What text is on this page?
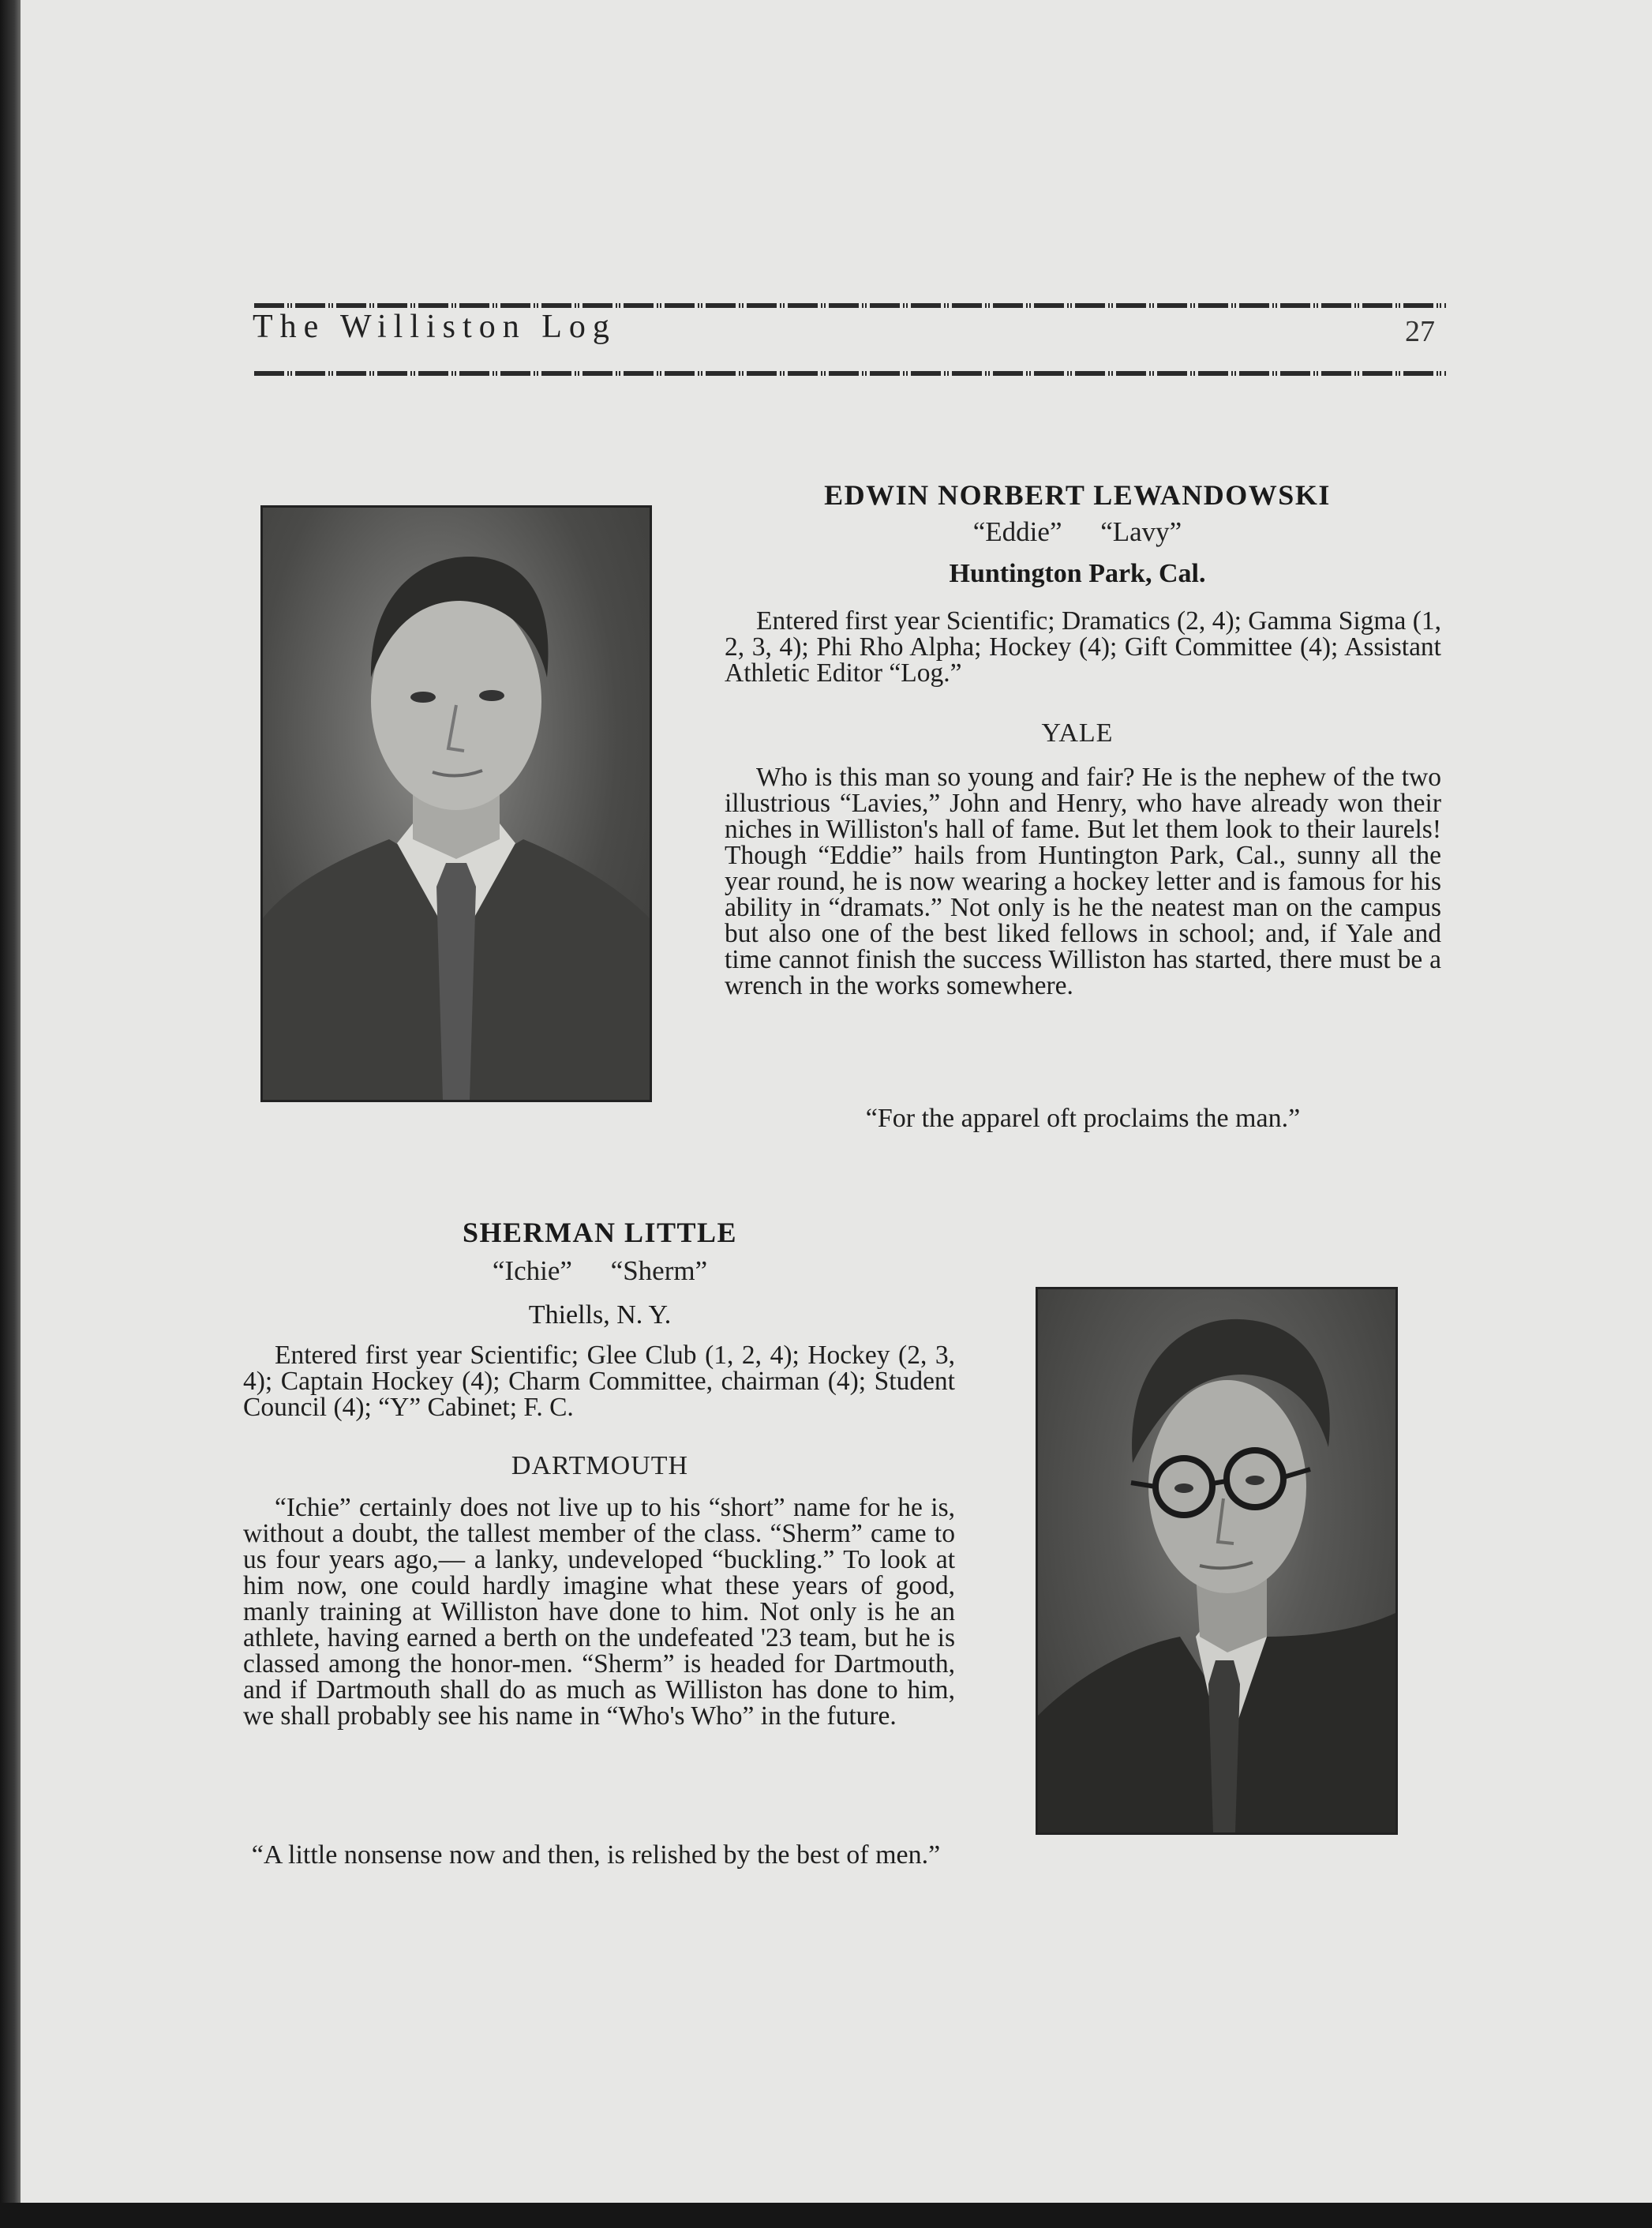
The Williston Log	27
EDWIN NORBERT LEWANDOWSKI
“Eddie” “Lavy”
Huntington Park, Cal.

Entered first year Scientific; Dramatics (2, 4); Gamma Sigma (1, 2, 3, 4); Phi Rho Alpha; Hockey (4); Gift Committee (4); Assistant Athletic Editor “Log.”

YALE

Who is this man so young and fair? He is the nephew of the two illustrious “Lavies,” John and Henry, who have already won their niches in Williston's hall of fame. But let them look to their laurels! Though “Eddie” hails from Huntington Park, Cal., sunny all the year round, he is now wearing a hockey letter and is famous for his ability in “dramats.” Not only is he the neatest man on the campus but also one of the best liked fellows in school; and, if Yale and time cannot finish the success Williston has started, there must be a wrench in the works somewhere.

“For the apparel oft proclaims the man.”
SHERMAN LITTLE
“Ichie” “Sherm”
Thiells, N. Y.

Entered first year Scientific; Glee Club (1, 2, 4); Hockey (2, 3, 4); Captain Hockey (4); Charm Committee, chairman (4); Student Council (4); “Y” Cabinet; F. C.

DARTMOUTH

“Ichie” certainly does not live up to his “short” name for he is, without a doubt, the tallest member of the class. “Sherm” came to us four years ago,— a lanky, undeveloped “buckling.” To look at him now, one could hardly imagine what these years of good, manly training at Williston have done to him. Not only is he an athlete, having earned a berth on the undefeated '23 team, but he is classed among the honor-men. “Sherm” is headed for Dartmouth, and if Dartmouth shall do as much as Williston has done to him, we shall probably see his name in “Who's Who” in the future.

“A little nonsense now and then, is relished by the best of men.”
